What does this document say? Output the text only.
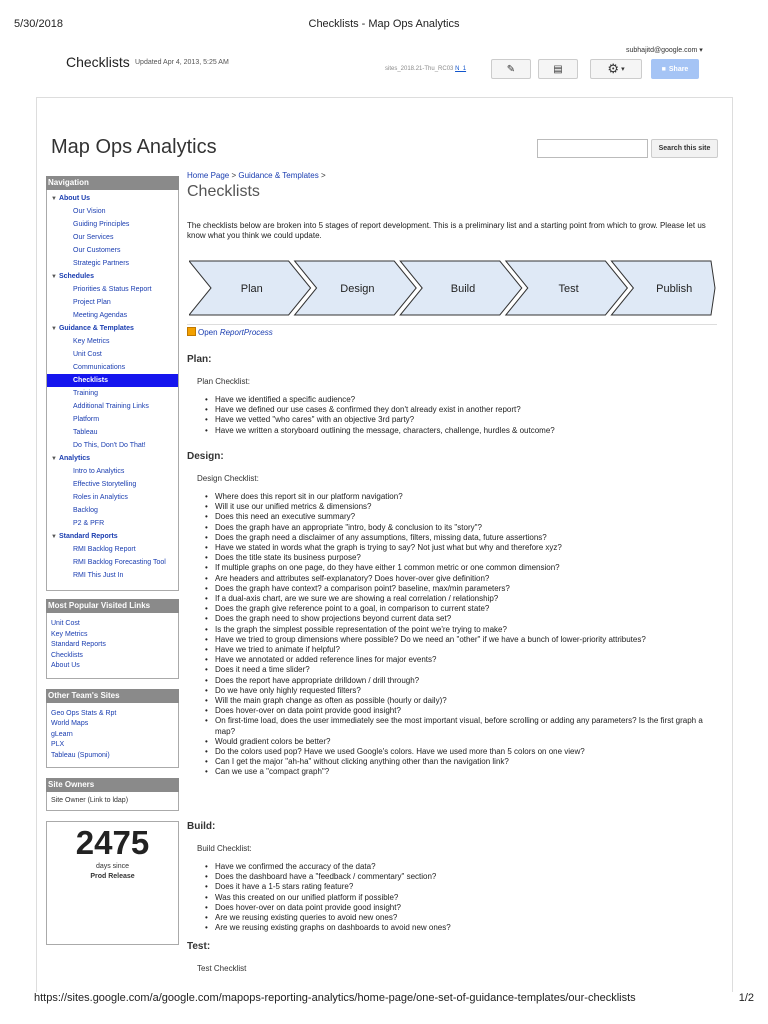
5/30/2018	Checklists - Map Ops Analytics
Checklists Updated Apr 4, 2013, 5:25 AM
subhajitd@google.com ▾
sites_2018.21-Thu_RC03 N_1	✎	▤	⚙ ▾	■ Share
Map Ops Analytics	Search this site
Navigation
▼ About Us
Our Vision
Guiding Principles
Our Services
Our Customers
Strategic Partners
▼ Schedules
Priorities & Status Report
Project Plan
Meeting Agendas
▼ Guidance & Templates
Key Metrics
Unit Cost
Communications
Checklists
Training
Additional Training Links
Platform
Tableau
Do This, Don't Do That!
▼ Analytics
Intro to Analytics
Effective Storytelling
Roles in Analytics
Backlog
P2 & PFR
▼ Standard Reports
RMI Backlog Report
RMI Backlog Forecasting Tool
RMI This Just In
Most Popular Visited Links
Unit Cost
Key Metrics
Standard Reports
Checklists
About Us
Other Team's Sites
Geo Ops Stats & Rpt
World Maps
gLearn
PLX
Tableau (Spumoni)
Site Owners
Site Owner (Link to ldap)
2475
days since
Prod Release
Home Page > Guidance & Templates >
Checklists
The checklists below are broken into 5 stages of report development. This is a preliminary list and a starting point from which to grow. Please let us know what you think we could update.
Plan	Design	Build	Test	Publish
Open ReportProcess
Plan:
Plan Checklist:
• Have we identified a specific audience?
• Have we defined our use cases & confirmed they don't already exist in another report?
• Have we vetted "who cares" with an objective 3rd party?
• Have we written a storyboard outlining the message, characters, challenge, hurdles & outcome?
Design:
Design Checklist:
• Where does this report sit in our platform navigation?
• Will it use our unified metrics & dimensions?
• Does this need an executive summary?
• Does the graph have an appropriate "intro, body & conclusion to its "story"?
• Does the graph need a disclaimer of any assumptions, filters, missing data, future assertions?
• Have we stated in words what the graph is trying to say? Not just what but why and therefore xyz?
• Does the title state its business purpose?
• If multiple graphs on one page, do they have either 1 common metric or one common dimension?
• Are headers and attributes self-explanatory? Does hover-over give definition?
• Does the graph have context? a comparison point? baseline, max/min parameters?
• If a dual-axis chart, are we sure we are showing a real correlation / relationship?
• Does the graph give reference point to a goal, in comparison to current state?
• Does the graph need to show projections beyond current data set?
• Is the graph the simplest possible representation of the point we're trying to make?
• Have we tried to group dimensions where possible? Do we need an "other" if we have a bunch of lower-priority attributes?
• Have we tried to animate if helpful?
• Have we annotated or added reference lines for major events?
• Does it need a time slider?
• Does the report have appropriate drilldown / drill through?
• Do we have only highly requested filters?
• Will the main graph change as often as possible (hourly or daily)?
• Does hover-over on data point provide good insight?
• On first-time load, does the user immediately see the most important visual, before scrolling or adding any parameters? Is the first graph a map?
• Would gradient colors be better?
• Do the colors used pop? Have we used Google's colors. Have we used more than 5 colors on one view?
• Can I get the major "ah-ha" without clicking anything other than the navigation link?
• Can we use a "compact graph"?
Build:
Build Checklist:
• Have we confirmed the accuracy of the data?
• Does the dashboard have a "feedback / commentary" section?
• Does it have a 1-5 stars rating feature?
• Was this created on our unified platform if possible?
• Does hover-over on data point provide good insight?
• Are we reusing existing queries to avoid new ones?
• Are we reusing existing graphs on dashboards to avoid new ones?
Test:
Test Checklist
https://sites.google.com/a/google.com/mapops-reporting-analytics/home-page/one-set-of-guidance-templates/our-checklists	1/2
